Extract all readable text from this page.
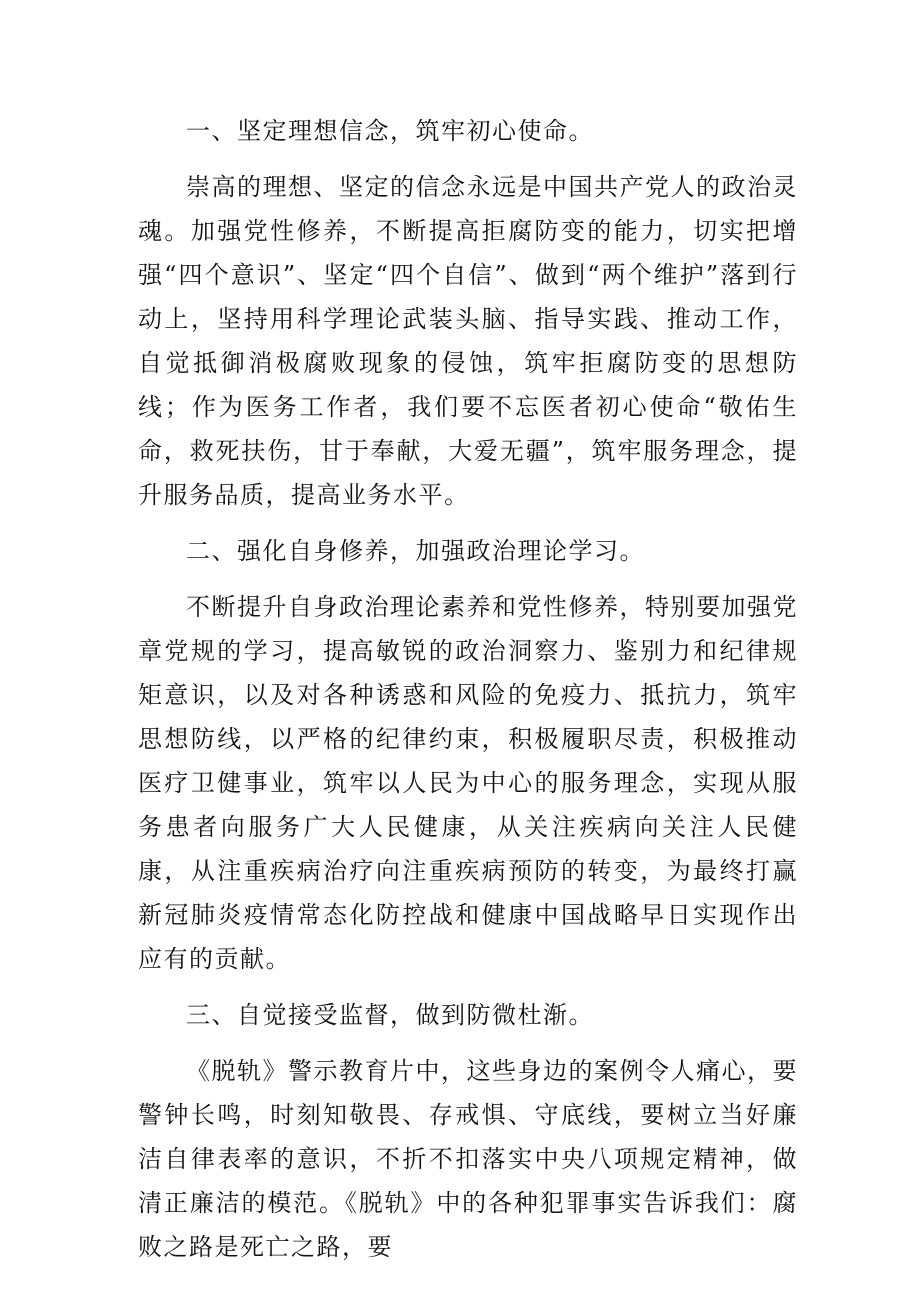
一、坚定理想信念，筑牢初心使命。

崇高的理想、坚定的信念永远是中国共产党人的政治灵魂。加强党性修养，不断提高拒腐防变的能力，切实把增强“四个意识”、坚定“四个自信”、做到“两个维护”落到行动上，坚持用科学理论武装头脑、指导实践、推动工作，自觉抵御消极腐败现象的侵蚀，筑牢拒腐防变的思想防线；作为医务工作者，我们要不忘医者初心使命“敬佑生命，救死扶伤，甘于奉献，大爱无疆”，筑牢服务理念，提升服务品质，提高业务水平。

二、强化自身修养，加强政治理论学习。

不断提升自身政治理论素养和党性修养，特别要加强党章党规的学习，提高敏锐的政治洞察力、鉴别力和纪律规矩意识，以及对各种诱惑和风险的免疫力、抵抗力，筑牢思想防线，以严格的纪律约束，积极履职尽责，积极推动医疗卫健事业，筑牢以人民为中心的服务理念，实现从服务患者向服务广大人民健康，从关注疾病向关注人民健康，从注重疾病治疗向注重疾病预防的转变，为最终打赢新冠肺炎疫情常态化防控战和健康中国战略早日实现作出应有的贡献。

三、自觉接受监督，做到防微杜渐。

《脱轨》警示教育片中，这些身边的案例令人痛心，要警钟长鸣，时刻知敬畏、存戒惧、守底线，要树立当好廉洁自律表率的意识，不折不扣落实中央八项规定精神，做清正廉洁的模范。《脱轨》中的各种犯罪事实告诉我们：腐败之路是死亡之路，要
